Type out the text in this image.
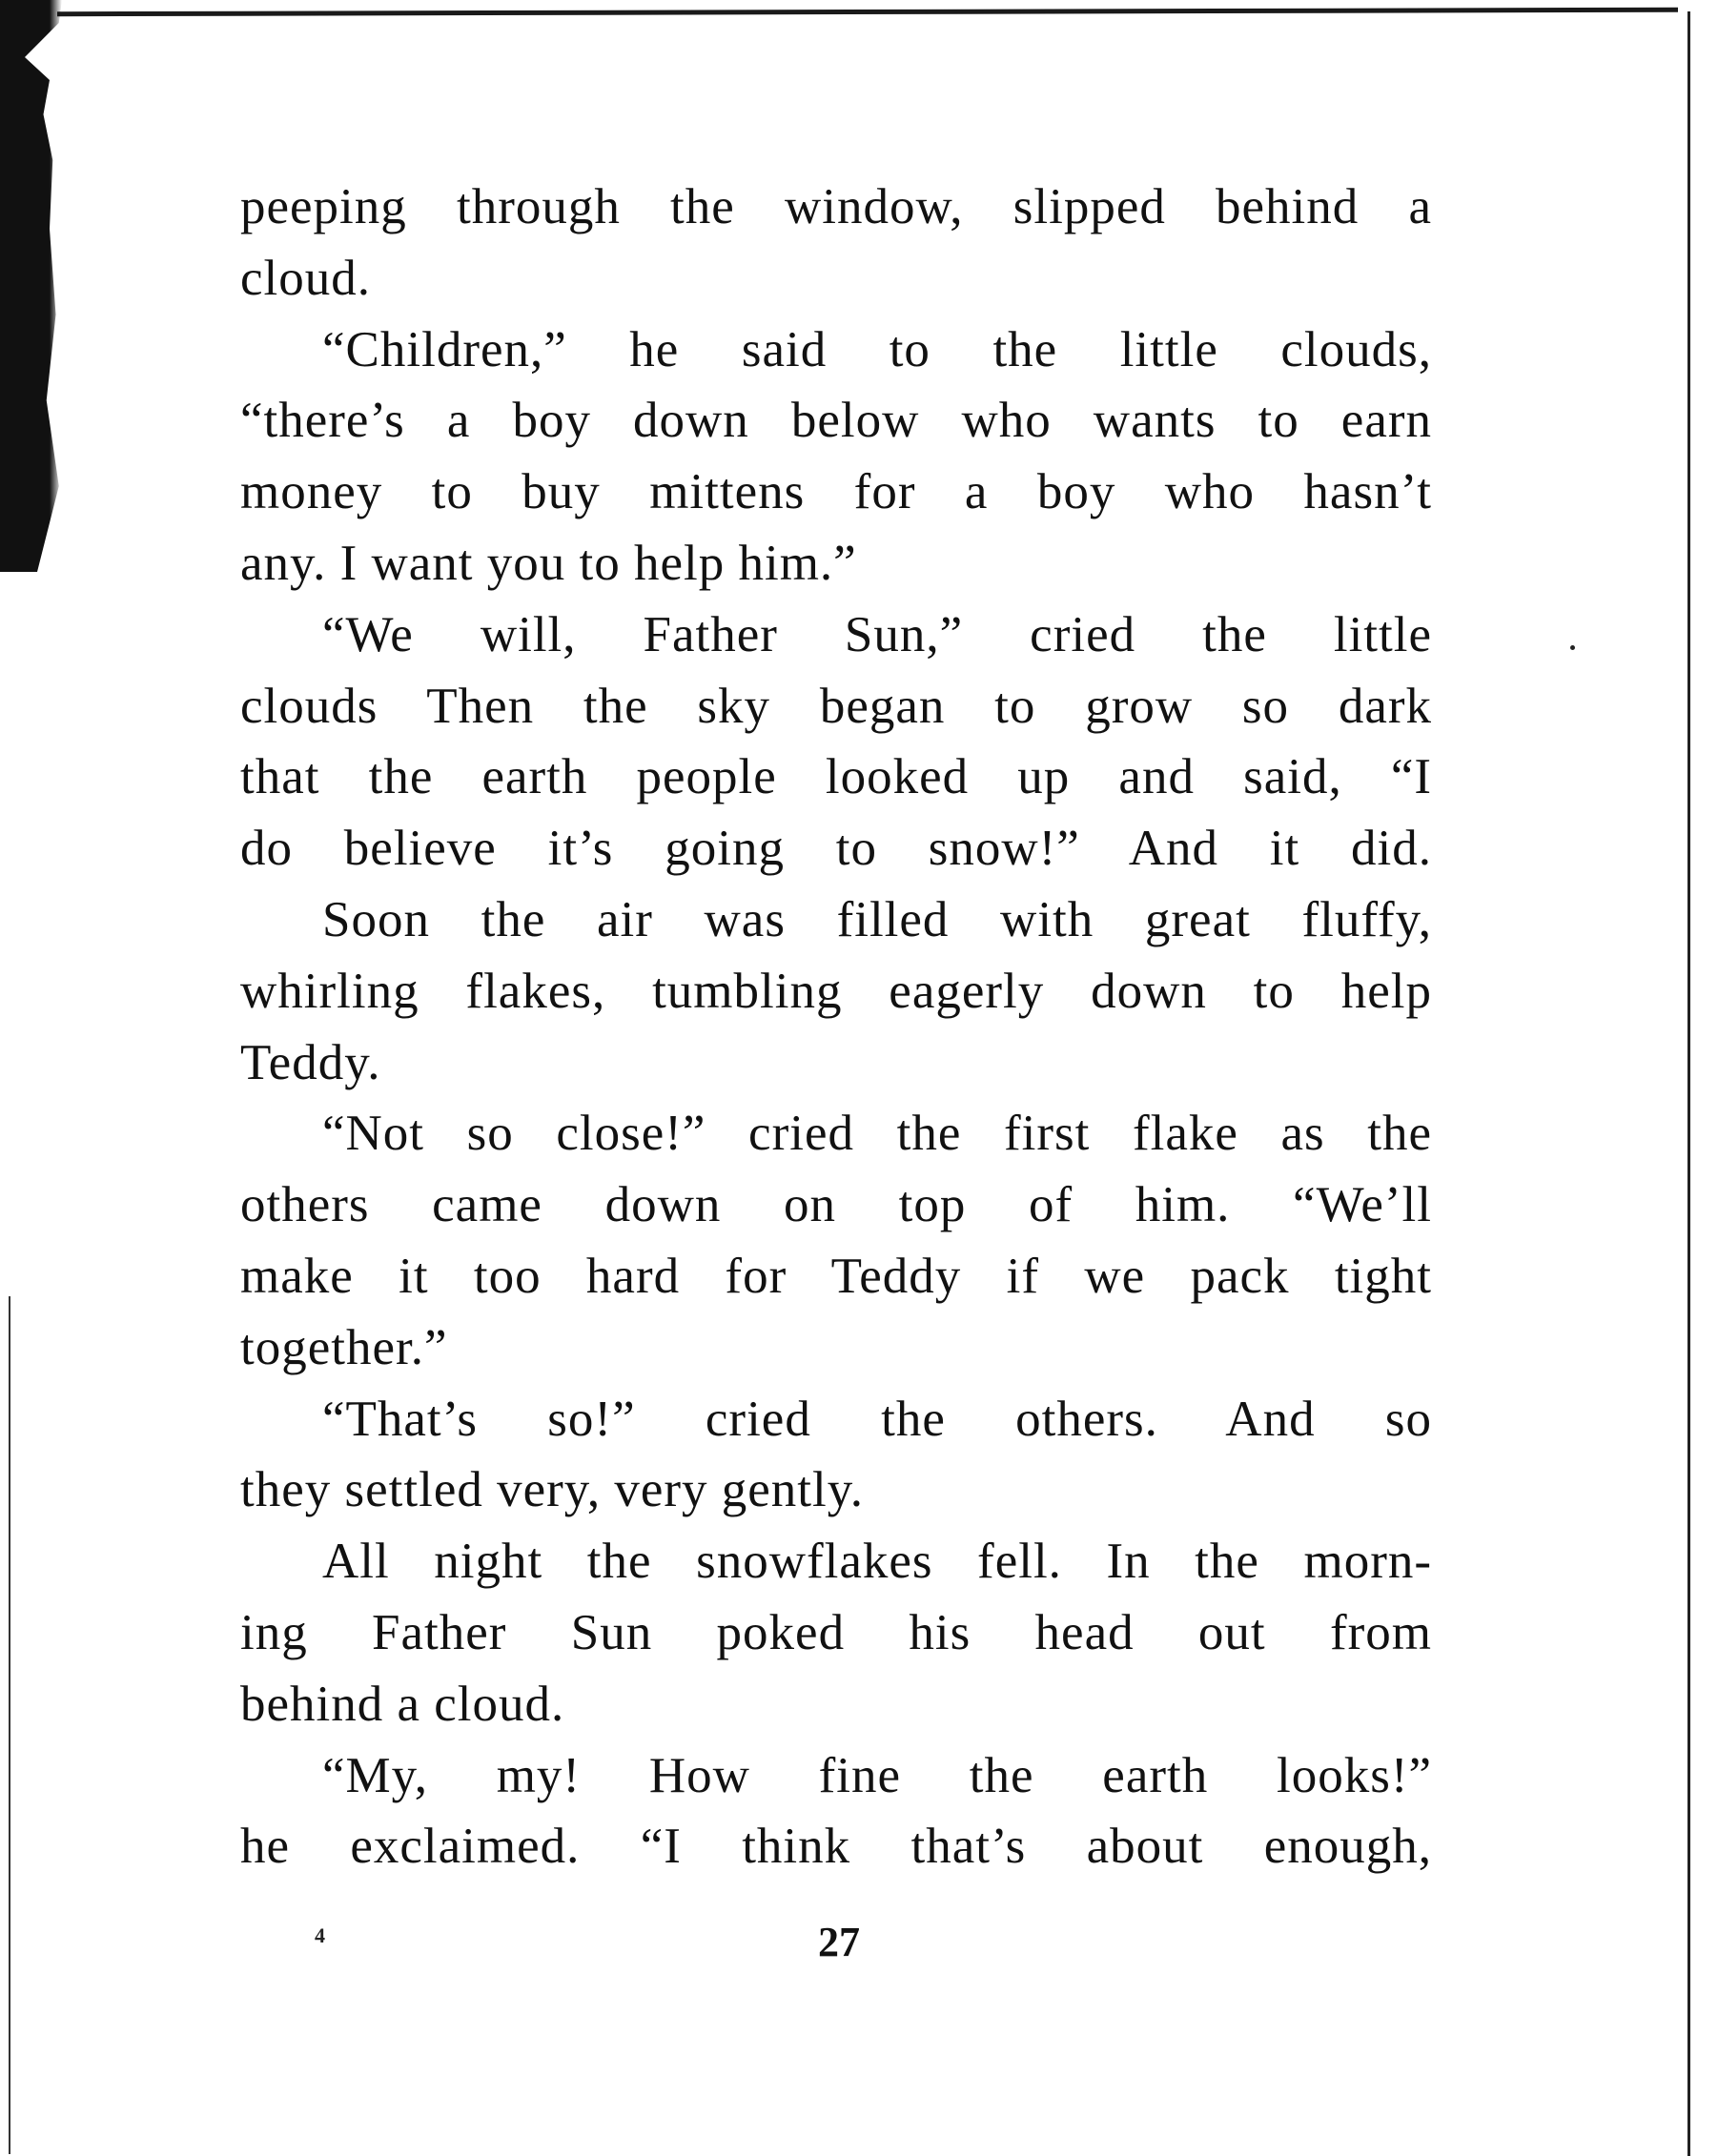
peeping through the window, slipped behind a
cloud.
“Children,” he said to the little clouds,
“there’s a boy down below who wants to earn
money to buy mittens for a boy who hasn’t
any. I want you to help him.”
“We will, Father Sun,” cried the little
clouds Then the sky began to grow so dark
that the earth people looked up and said, “I
do believe it’s going to snow!” And it did.
Soon the air was filled with great fluffy,
whirling flakes, tumbling eagerly down to help
Teddy.
“Not so close!” cried the first flake as the
others came down on top of him. “We’ll
make it too hard for Teddy if we pack tight
together.”
“That’s so!” cried the others. And so
they settled very, very gently.
All night the snowflakes fell. In the morn-
ing Father Sun poked his head out from
behind a cloud.
“My, my! How fine the earth looks!”
he exclaimed. “I think that’s about enough,
4	27
